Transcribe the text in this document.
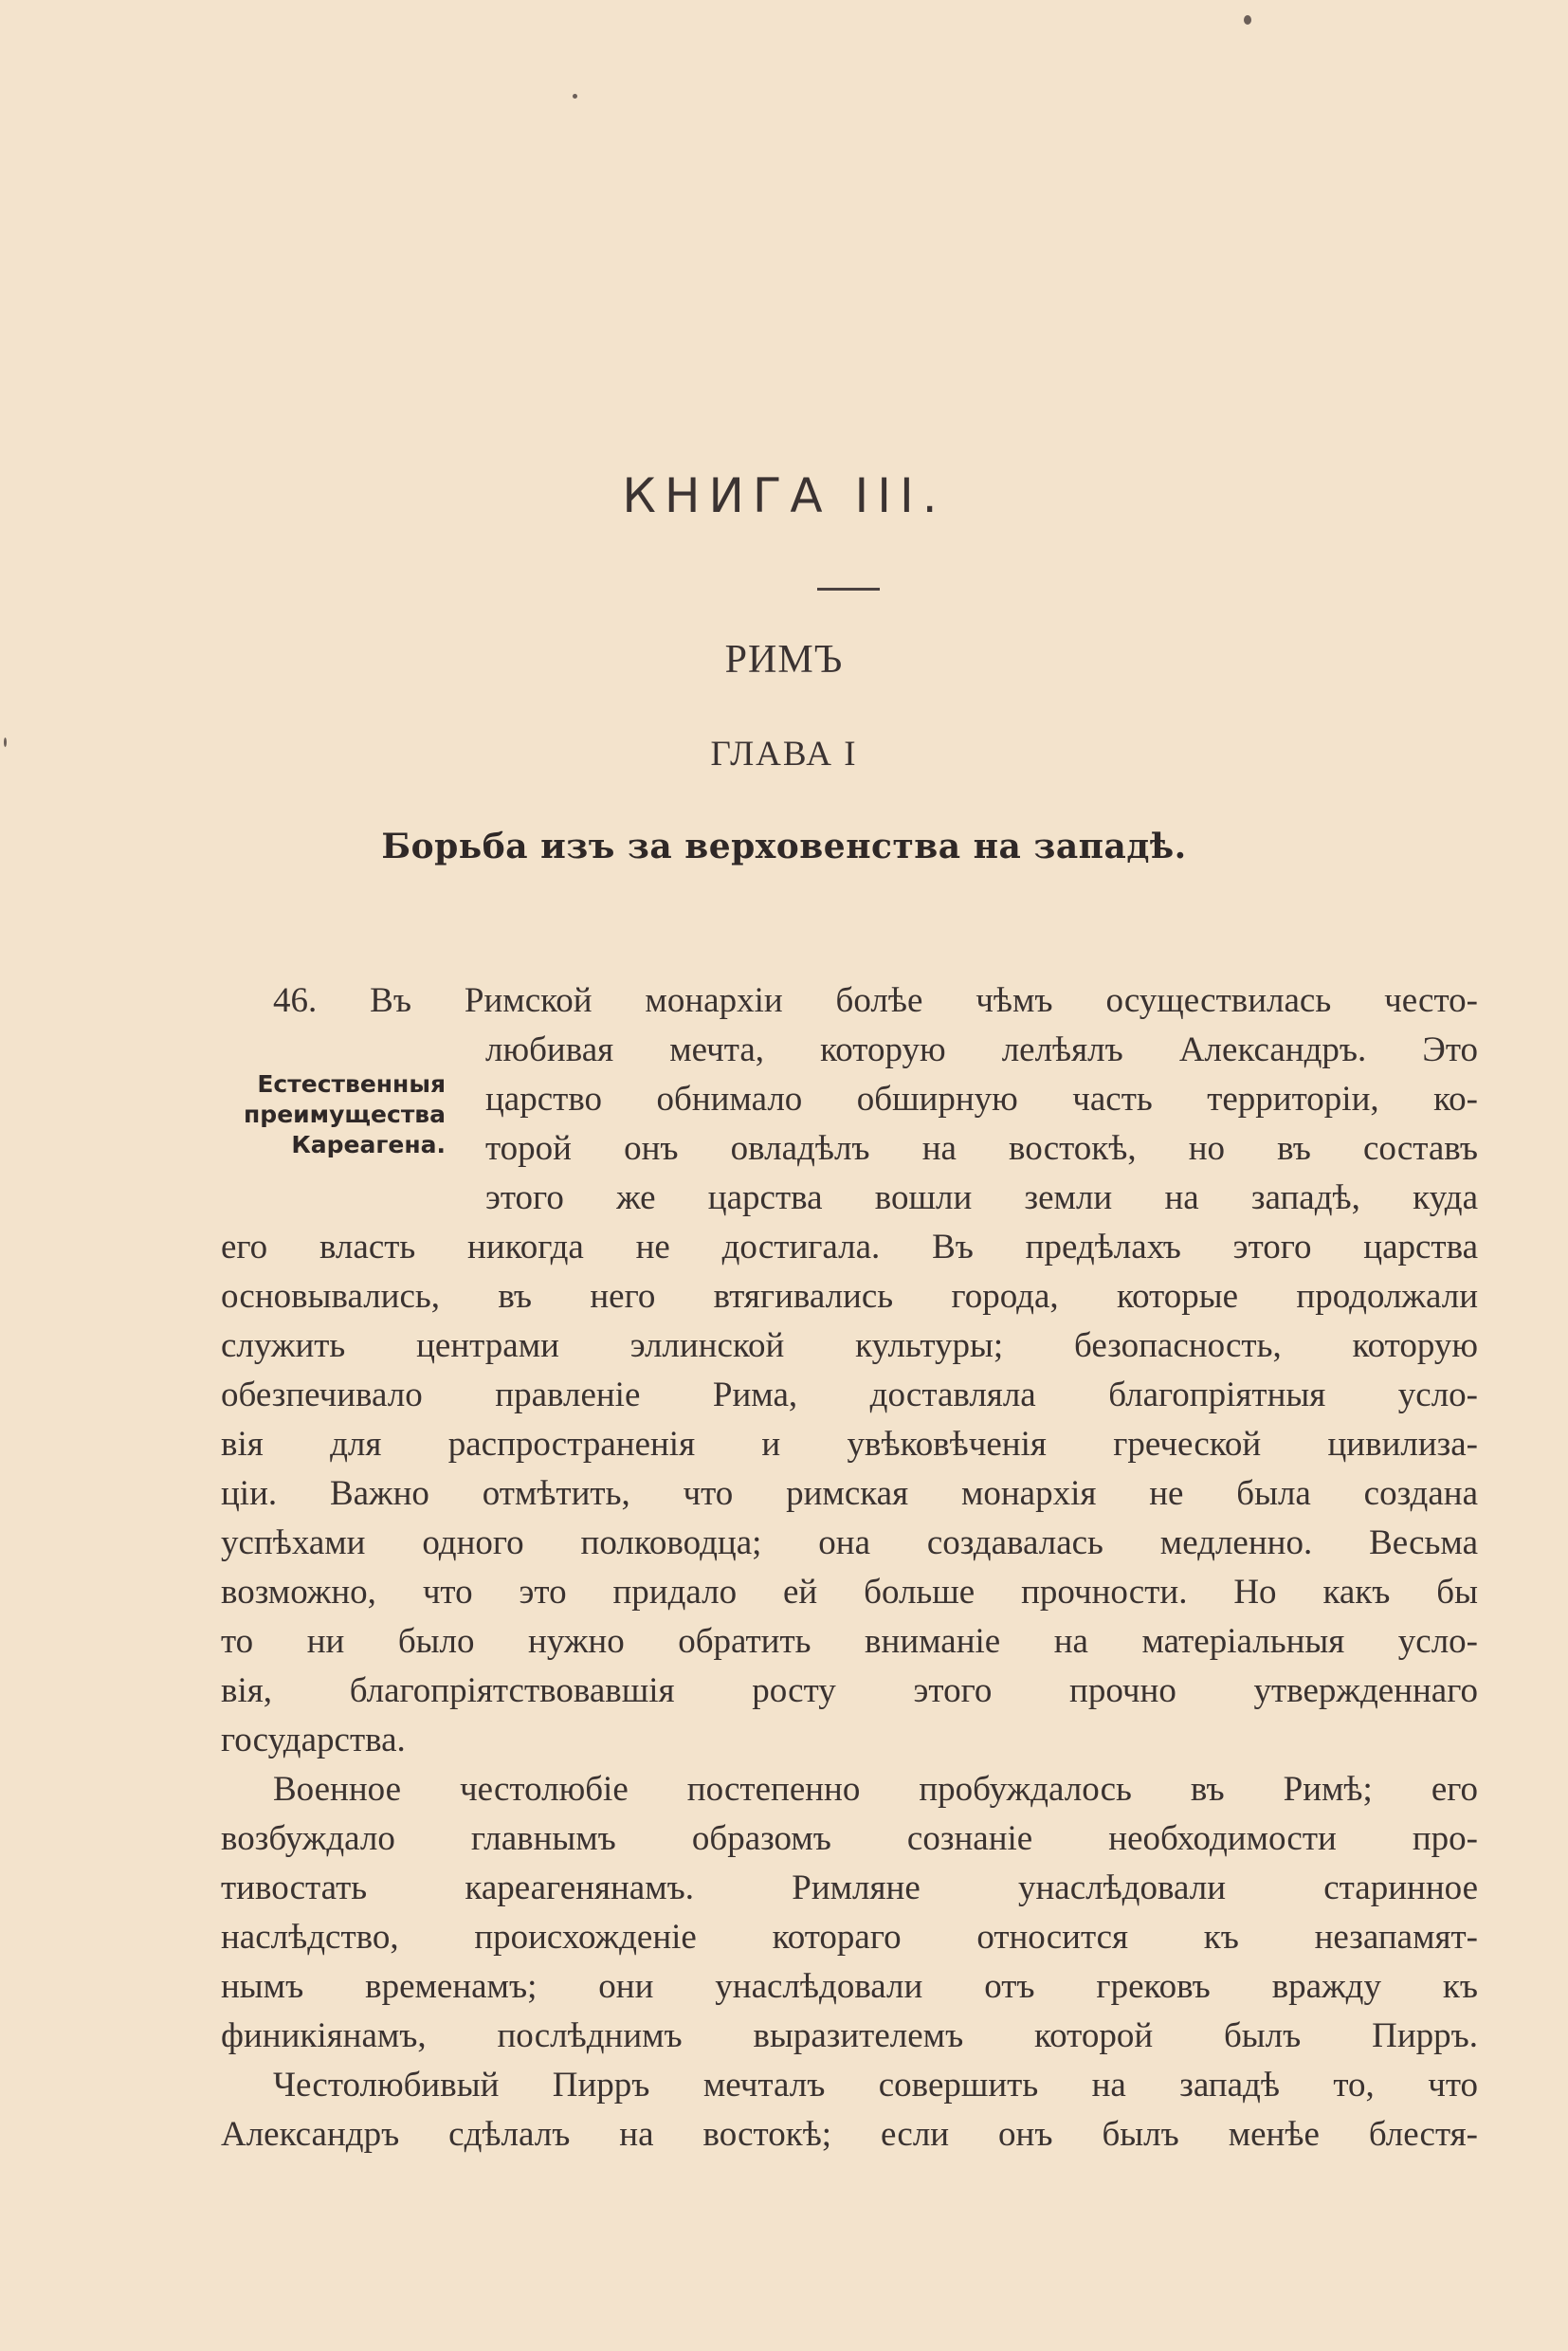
КНИГА III.
РИМЪ
ГЛАВА I
Борьба изъ за верховенства на западѣ.
Естественныя
преимущества
Кареагена.
46. Въ Римской монархіи болѣе чѣмъ осуществилась често-
любивая мечта, которую лелѣялъ Александръ. Это
царство обнимало обширную часть территоріи, ко-
торой онъ овладѣлъ на востокѣ, но въ составъ
этого же царства вошли земли на западѣ, куда
его власть никогда не достигала. Въ предѣлахъ этого царства
основывались, въ него втягивались города, которые продолжали
служить центрами эллинской культуры; безопасность, которую
обезпечивало правленіе Рима, доставляла благопріятныя усло-
вія для распространенія и увѣковѣченія греческой цивилиза-
ціи. Важно отмѣтить, что римская монархія не была создана
успѣхами одного полководца; она создавалась медленно. Весьма
возможно, что это придало ей больше прочности. Но какъ бы
то ни было нужно обратить вниманіе на матеріальныя усло-
вія, благопріятствовавшія росту этого прочно утвержденнаго
государства.
Военное честолюбіе постепенно пробуждалось въ Римѣ; его
возбуждало главнымъ образомъ сознаніе необходимости про-
тивостать кареагенянамъ. Римляне унаслѣдовали старинное
наслѣдство, происхожденіе котораго относится къ незапамят-
нымъ временамъ; они унаслѣдовали отъ грековъ вражду къ
финикіянамъ, послѣднимъ выразителемъ которой былъ Пирръ.
Честолюбивый Пирръ мечталъ совершить на западѣ то, что
Александръ сдѣлалъ на востокѣ; если онъ былъ менѣе блестя-
